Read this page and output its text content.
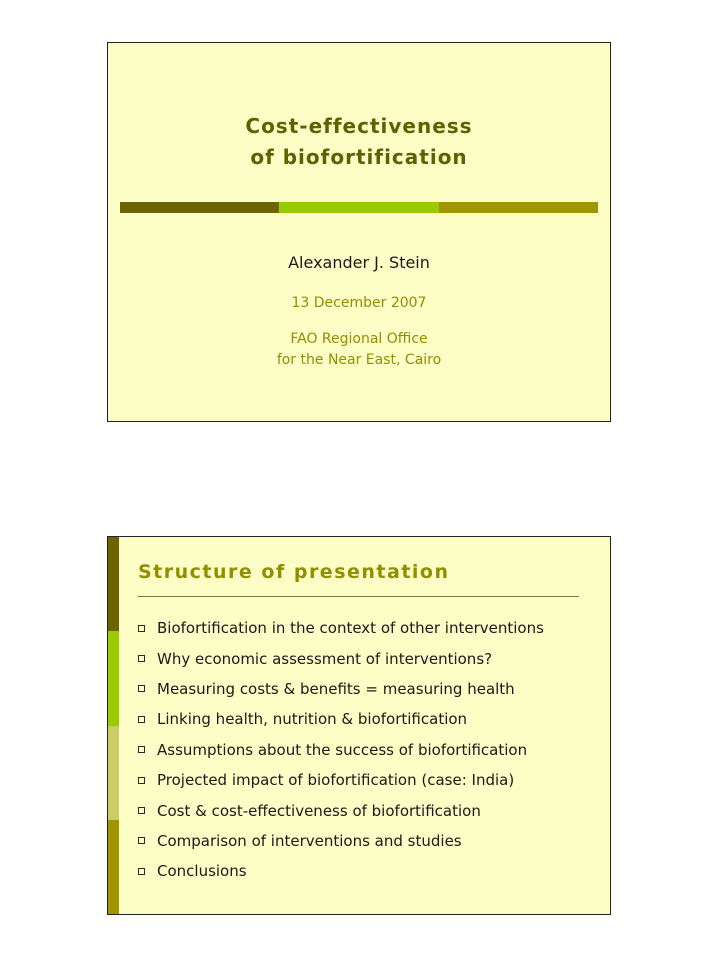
Cost-effectiveness
of biofortification
Alexander J. Stein
13 December 2007
FAO Regional Office
for the Near East, Cairo
Structure of presentation
Biofortification in the context of other interventions
Why economic assessment of interventions?
Measuring costs & benefits = measuring health
Linking health, nutrition & biofortification
Assumptions about the success of biofortification
Projected impact of biofortification (case: India)
Cost & cost-effectiveness of biofortification
Comparison of interventions and studies
Conclusions
